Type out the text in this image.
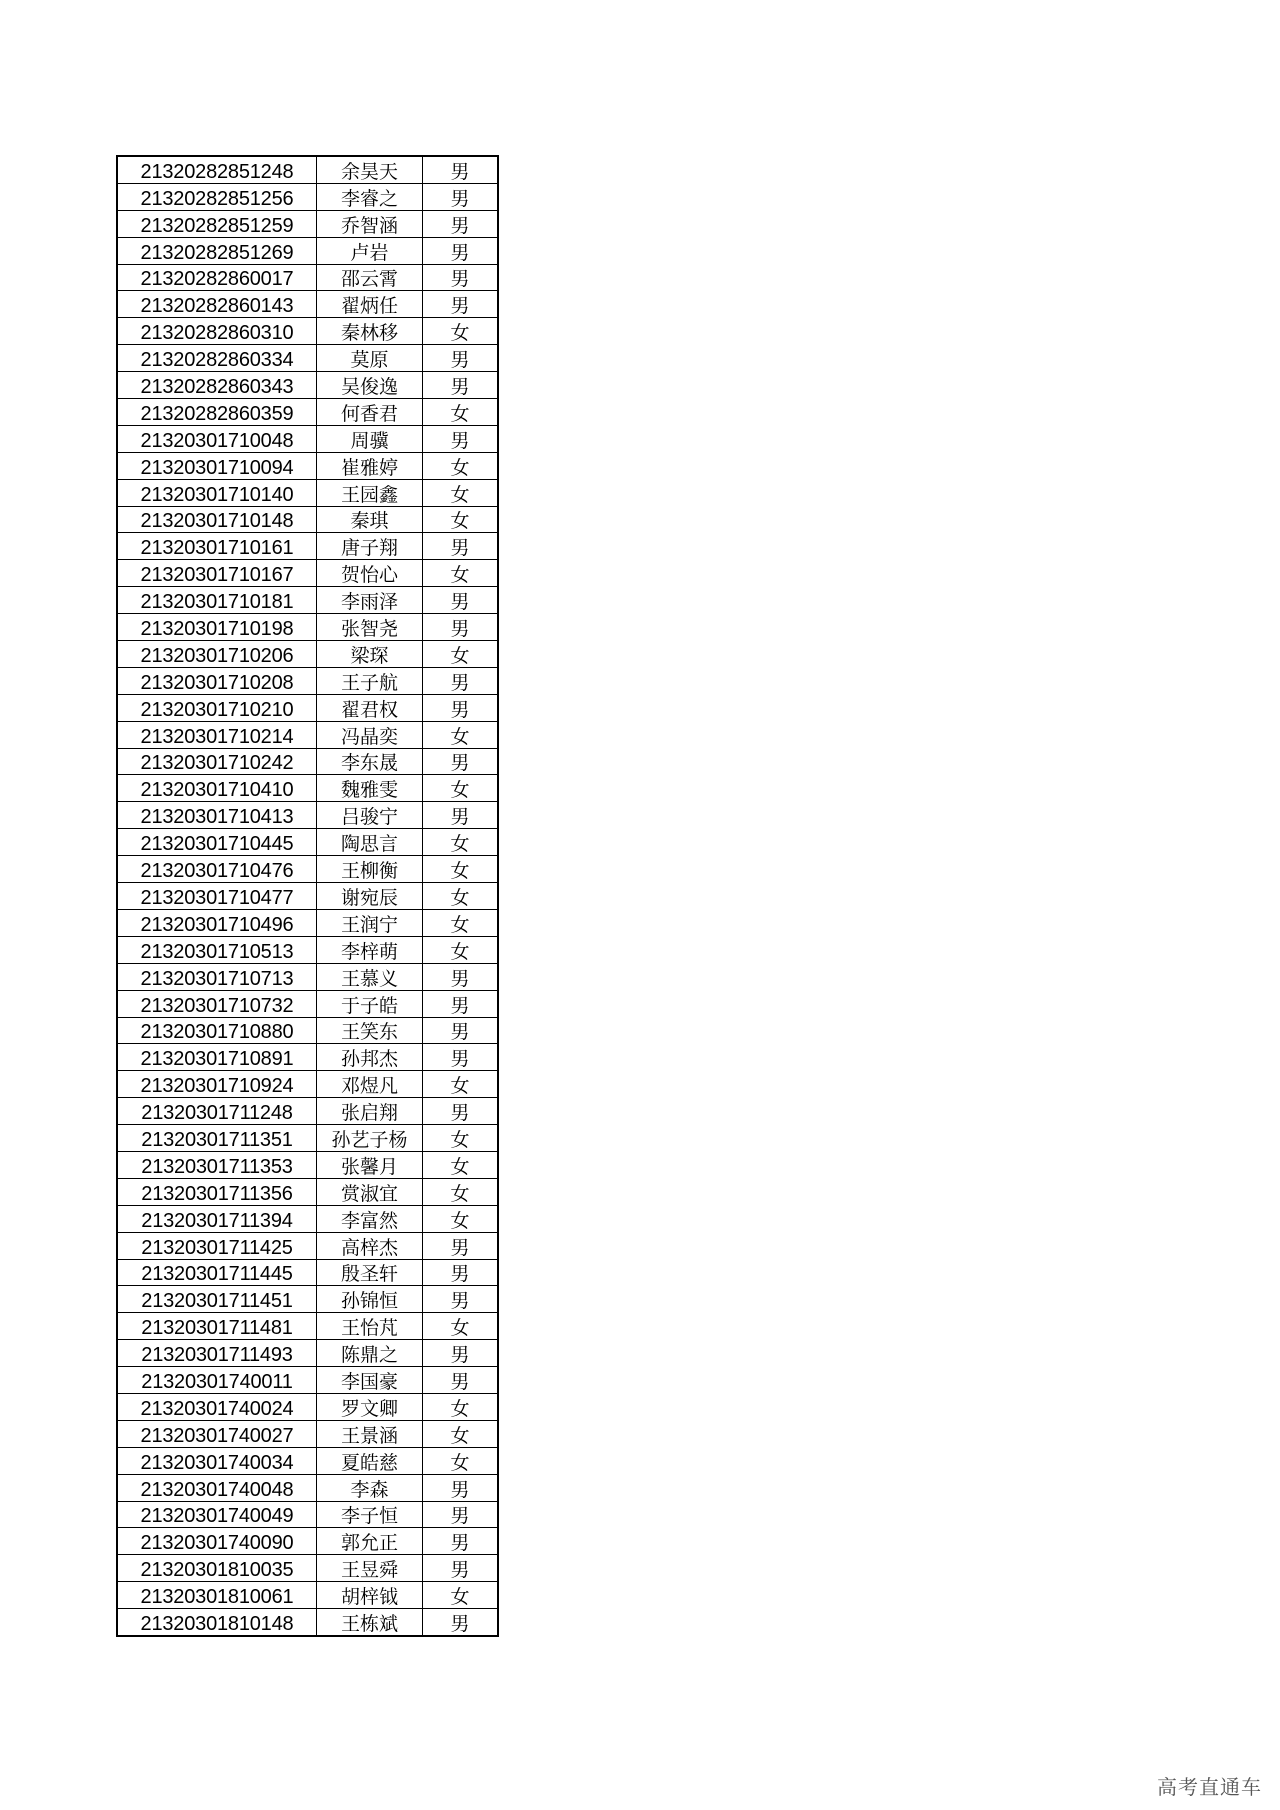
21320282851248	余昊天	男
21320282851256	李睿之	男
21320282851259	乔智涵	男
21320282851269	卢岩	男
21320282860017	邵云霄	男
21320282860143	翟炳任	男
21320282860310	秦林移	女
21320282860334	莫原	男
21320282860343	吴俊逸	男
21320282860359	何香君	女
21320301710048	周骥	男
21320301710094	崔雅婷	女
21320301710140	王园鑫	女
21320301710148	秦琪	女
21320301710161	唐子翔	男
21320301710167	贺怡心	女
21320301710181	李雨泽	男
21320301710198	张智尧	男
21320301710206	梁琛	女
21320301710208	王子航	男
21320301710210	翟君权	男
21320301710214	冯晶奕	女
21320301710242	李东晟	男
21320301710410	魏雅雯	女
21320301710413	吕骏宁	男
21320301710445	陶思言	女
21320301710476	王柳衡	女
21320301710477	谢宛辰	女
21320301710496	王润宁	女
21320301710513	李梓萌	女
21320301710713	王慕义	男
21320301710732	于子皓	男
21320301710880	王笑东	男
21320301710891	孙邦杰	男
21320301710924	邓煜凡	女
21320301711248	张启翔	男
21320301711351	孙艺子杨	女
21320301711353	张馨月	女
21320301711356	赏淑宜	女
21320301711394	李富然	女
21320301711425	高梓杰	男
21320301711445	殷圣轩	男
21320301711451	孙锦恒	男
21320301711481	王怡芃	女
21320301711493	陈鼎之	男
21320301740011	李国豪	男
21320301740024	罗文卿	女
21320301740027	王景涵	女
21320301740034	夏皓慈	女
21320301740048	李森	男
21320301740049	李子恒	男
21320301740090	郭允正	男
21320301810035	王昱舜	男
21320301810061	胡梓钺	女
21320301810148	王栋斌	男
高考直通车
